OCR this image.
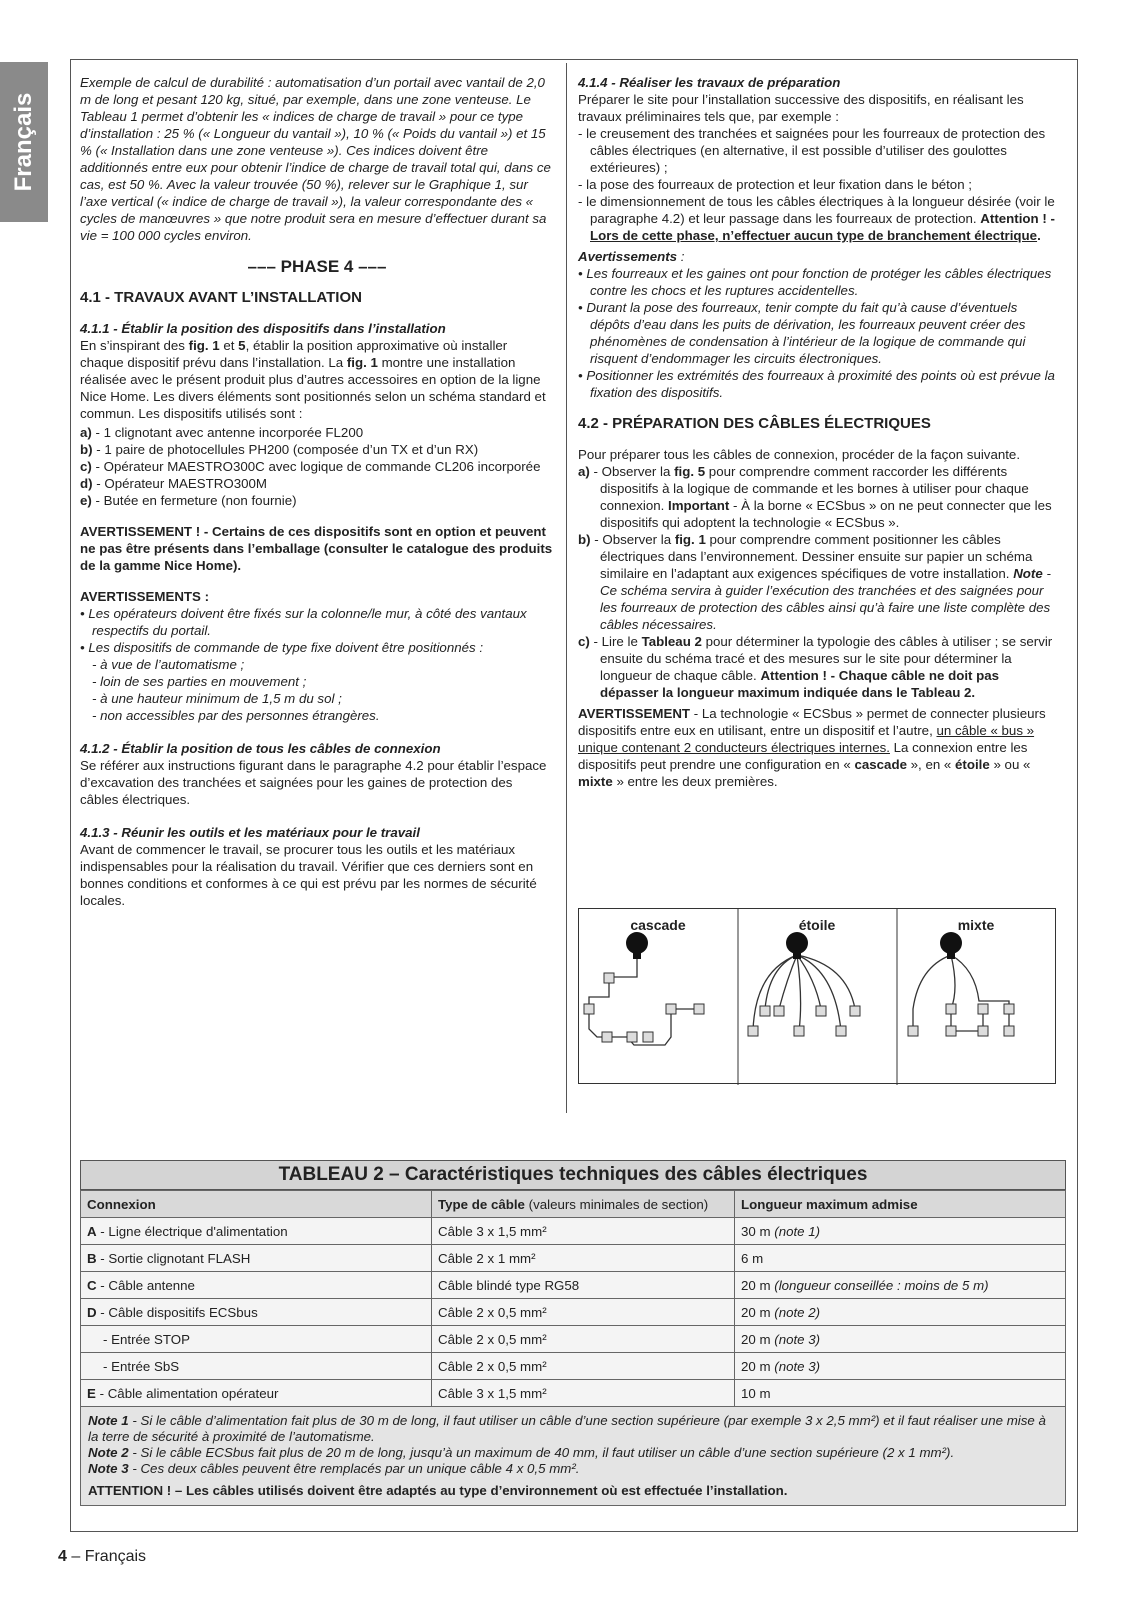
Français

Exemple de calcul de durabilité : automatisation d’un portail avec vantail de 2,0 m de long et pesant 120 kg, situé, par exemple, dans une zone venteuse. Le Tableau 1 permet d’obtenir les « indices de charge de travail » pour ce type d’installation : 25 % (« Longueur du vantail »), 10 % (« Poids du vantail ») et 15 % (« Installation dans une zone venteuse »). Ces indices doivent être additionnés entre eux pour obtenir l’indice de charge de travail total qui, dans ce cas, est 50 %. Avec la valeur trouvée (50 %), relever sur le Graphique 1, sur l’axe vertical (« indice de charge de travail »), la valeur correspondante des « cycles de manœuvres » que notre produit sera en mesure d’effectuer durant sa vie = 100 000 cycles environ.

––– PHASE 4 –––
4.1 - TRAVAUX AVANT L’INSTALLATION
4.1.1 - Établir la position des dispositifs dans l’installation

En s’inspirant des fig. 1 et 5, établir la position approximative où installer chaque dispositif prévu dans l’installation. La fig. 1 montre une installation réalisée avec le présent produit plus d’autres accessoires en option de la ligne Nice Home. Les divers éléments sont positionnés selon un schéma standard et commun. Les dispositifs utilisés sont :

a) - 1 clignotant avec antenne incorporée FL200
b) - 1 paire de photocellules PH200 (composée d’un TX et d’un RX)
c) - Opérateur MAESTRO300C avec logique de commande CL206 incorporée
d) - Opérateur MAESTRO300M
e) - Butée en fermeture (non fournie)

AVERTISSEMENT ! - Certains de ces dispositifs sont en option et peuvent ne pas être présents dans l’emballage (consulter le catalogue des produits de la gamme Nice Home).

AVERTISSEMENTS :

• Les opérateurs doivent être fixés sur la colonne/le mur, à côté des vantaux respectifs du portail.
• Les dispositifs de commande de type fixe doivent être positionnés :
- à vue de l’automatisme ;
- loin de ses parties en mouvement ;
- à une hauteur minimum de 1,5 m du sol ;
- non accessibles par des personnes étrangères.
4.1.2 - Établir la position de tous les câbles de connexion

Se référer aux instructions figurant dans le paragraphe 4.2 pour établir l’espace d’excavation des tranchées et saignées pour les gaines de protection des câbles électriques.

4.1.3 - Réunir les outils et les matériaux pour le travail

Avant de commencer le travail, se procurer tous les outils et les matériaux indispensables pour la réalisation du travail. Vérifier que ces derniers sont en bonnes conditions et conformes à ce qui est prévu par les normes de sécurité locales.

4.1.4 - Réaliser les travaux de préparation

Préparer le site pour l’installation successive des dispositifs, en réalisant les travaux préliminaires tels que, par exemple :

- le creusement des tranchées et saignées pour les fourreaux de protection des câbles électriques (en alternative, il est possible d’utiliser des goulottes extérieures) ;
- la pose des fourreaux de protection et leur fixation dans le béton ;
- le dimensionnement de tous les câbles électriques à la longueur désirée (voir le paragraphe 4.2) et leur passage dans les fourreaux de protection. Attention ! - Lors de cette phase, n’effectuer aucun type de branchement électrique.

Avertissements :

• Les fourreaux et les gaines ont pour fonction de protéger les câbles électriques contre les chocs et les ruptures accidentelles.
• Durant la pose des fourreaux, tenir compte du fait qu’à cause d’éventuels dépôts d’eau dans les puits de dérivation, les fourreaux peuvent créer des phénomènes de condensation à l’intérieur de la logique de commande qui risquent d’endommager les circuits électroniques.
• Positionner les extrémités des fourreaux à proximité des points où est prévue la fixation des dispositifs.
4.2 - PRÉPARATION DES CÂBLES ÉLECTRIQUES

Pour préparer tous les câbles de connexion, procéder de la façon suivante.

a) - Observer la fig. 5 pour comprendre comment raccorder les différents dispositifs à la logique de commande et les bornes à utiliser pour chaque connexion. Important - À la borne « ECSbus » on ne peut connecter que les dispositifs qui adoptent la technologie « ECSbus ».
b) - Observer la fig. 1 pour comprendre comment positionner les câbles électriques dans l’environnement. Dessiner ensuite sur papier un schéma similaire en l’adaptant aux exigences spécifiques de votre installation. Note - Ce schéma servira à guider l’exécution des tranchées et des saignées pour les fourreaux de protection des câbles ainsi qu’à faire une liste complète des câbles nécessaires.
c) - Lire le Tableau 2 pour déterminer la typologie des câbles à utiliser ; se servir ensuite du schéma tracé et des mesures sur le site pour déterminer la longueur de chaque câble. Attention ! - Chaque câble ne doit pas dépasser la longueur maximum indiquée dans le Tableau 2.

AVERTISSEMENT - La technologie « ECSbus » permet de connecter plusieurs dispositifs entre eux en utilisant, entre un dispositif et l’autre, un câble « bus » unique contenant 2 conducteurs électriques internes. La connexion entre les dispositifs peut prendre une configuration en « cascade », en « étoile » ou « mixte » entre les deux premières.

cascade	étoile	mixte
TABLEAU 2 – Caractéristiques techniques des câbles électriques
Connexion	Type de câble (valeurs minimales de section)	Longueur maximum admise
A - Ligne électrique d'alimentation	Câble 3 x 1,5 mm²	30 m (note 1)
B - Sortie clignotant FLASH	Câble 2 x 1 mm²	6 m
C - Câble antenne	Câble blindé type RG58	20 m (longueur conseillée : moins de 5 m)
D - Câble dispositifs ECSbus	Câble 2 x 0,5 mm²	20 m (note 2)
- Entrée STOP	Câble 2 x 0,5 mm²	20 m (note 3)
- Entrée SbS	Câble 2 x 0,5 mm²	20 m (note 3)
E - Câble alimentation opérateur	Câble 3 x 1,5 mm²	10 m

Note 1 - Si le câble d’alimentation fait plus de 30 m de long, il faut utiliser un câble d’une section supérieure (par exemple 3 x 2,5 mm²) et il faut réaliser une mise à la terre de sécurité à proximité de l’automatisme.

Note 2 - Si le câble ECSbus fait plus de 20 m de long, jusqu’à un maximum de 40 mm, il faut utiliser un câble d’une section supérieure (2 x 1 mm²).

Note 3 - Ces deux câbles peuvent être remplacés par un unique câble 4 x 0,5 mm².

ATTENTION ! – Les câbles utilisés doivent être adaptés au type d’environnement où est effectuée l’installation.

4 – Français
